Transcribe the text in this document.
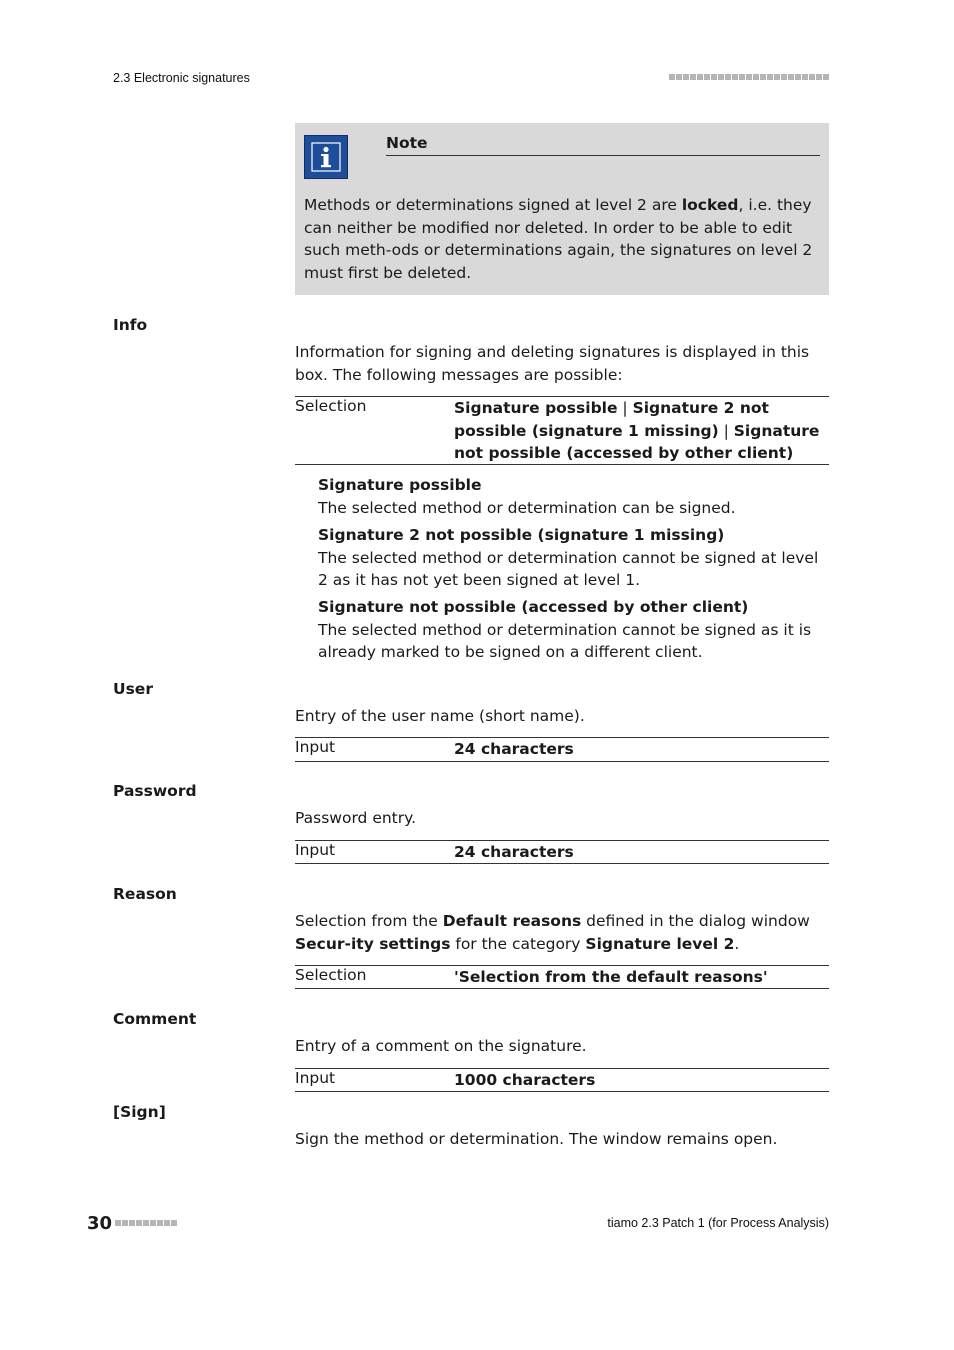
2.3 Electronic signatures
Note
Methods or determinations signed at level 2 are locked, i.e. they can neither be modified nor deleted. In order to be able to edit such meth-ods or determinations again, the signatures on level 2 must first be deleted.
Info
Information for signing and deleting signatures is displayed in this box. The following messages are possible:
Selection	Signature possible | Signature 2 not possible (signature 1 missing) | Signature not possible (accessed by other client)
Signature possible
The selected method or determination can be signed.
Signature 2 not possible (signature 1 missing)
The selected method or determination cannot be signed at level 2 as it has not yet been signed at level 1.
Signature not possible (accessed by other client)
The selected method or determination cannot be signed as it is already marked to be signed on a different client.
User
Entry of the user name (short name).
Input	24 characters
Password
Password entry.
Input	24 characters
Reason
Selection from the Default reasons defined in the dialog window Secur-ity settings for the category Signature level 2.
Selection	'Selection from the default reasons'
Comment
Entry of a comment on the signature.
Input	1000 characters
[Sign]
Sign the method or determination. The window remains open.
30	tiamo 2.3 Patch 1 (for Process Analysis)
